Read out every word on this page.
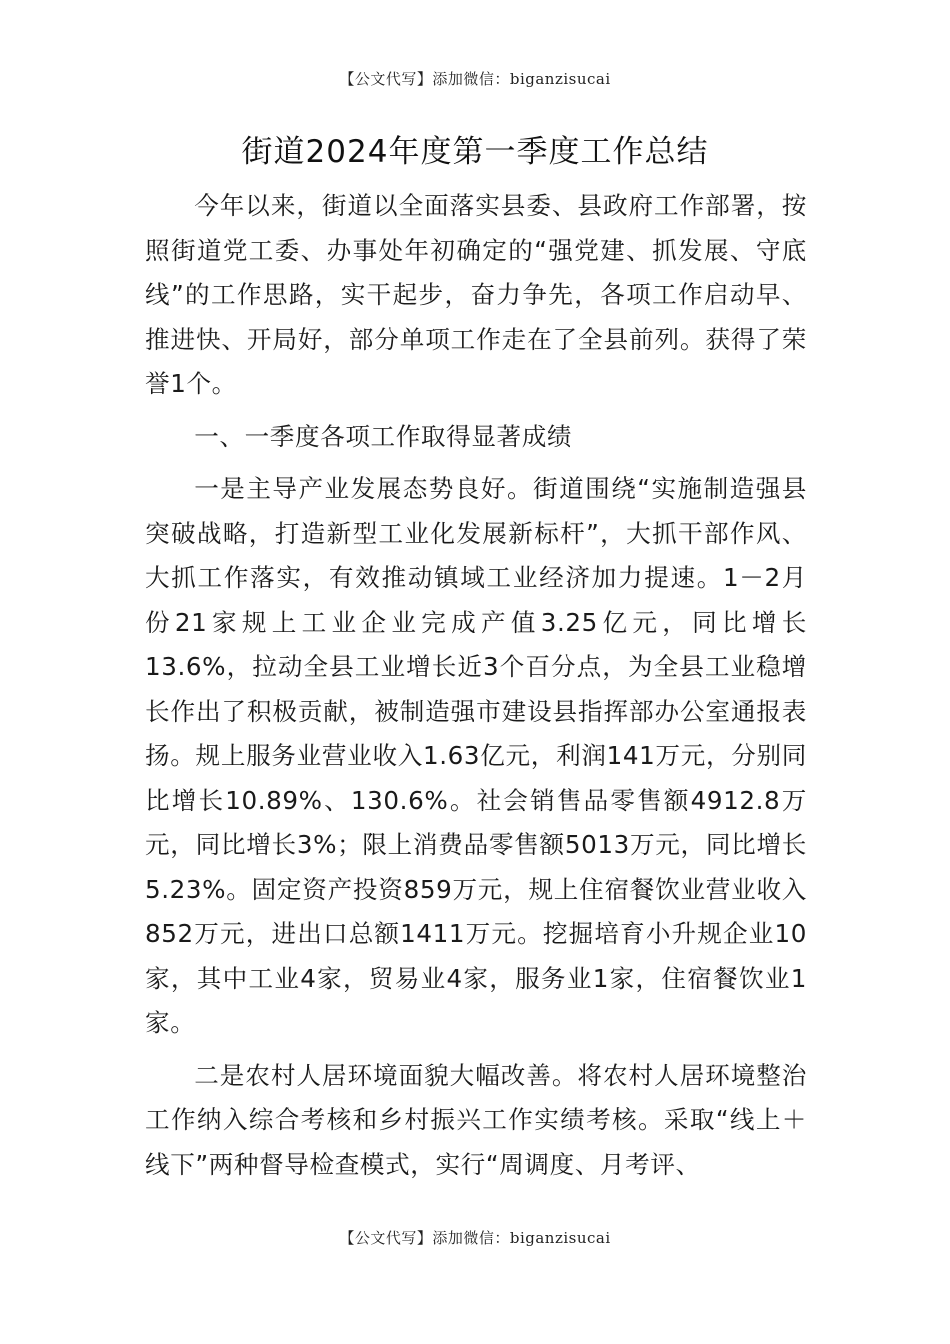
【公文代写】添加微信：biganzisucai
街道2024年度第一季度工作总结

今年以来，街道以全面落实县委、县政府工作部署，按照街道党工委、办事处年初确定的“强党建、抓发展、守底线”的工作思路，实干起步，奋力争先，各项工作启动早、推进快、开局好，部分单项工作走在了全县前列。获得了荣誉1个。

一、一季度各项工作取得显著成绩

一是主导产业发展态势良好。街道围绕“实施制造强县突破战略，打造新型工业化发展新标杆”，大抓干部作风、大抓工作落实，有效推动镇域工业经济加力提速。1－2月份21家规上工业企业完成产值3.25亿元，同比增长13.6%，拉动全县工业增长近3个百分点，为全县工业稳增长作出了积极贡献，被制造强市建设县指挥部办公室通报表扬。规上服务业营业收入1.63亿元，利润141万元，分别同比增长10.89%、130.6%。社会销售品零售额4912.8万元，同比增长3%；限上消费品零售额5013万元，同比增长5.23%。固定资产投资859万元，规上住宿餐饮业营业收入852万元，进出口总额1411万元。挖掘培育小升规企业10家，其中工业4家，贸易业4家，服务业1家，住宿餐饮业1家。

二是农村人居环境面貌大幅改善。将农村人居环境整治工作纳入综合考核和乡村振兴工作实绩考核。采取“线上＋线下”两种督导检查模式，实行“周调度、月考评、

【公文代写】添加微信：biganzisucai
